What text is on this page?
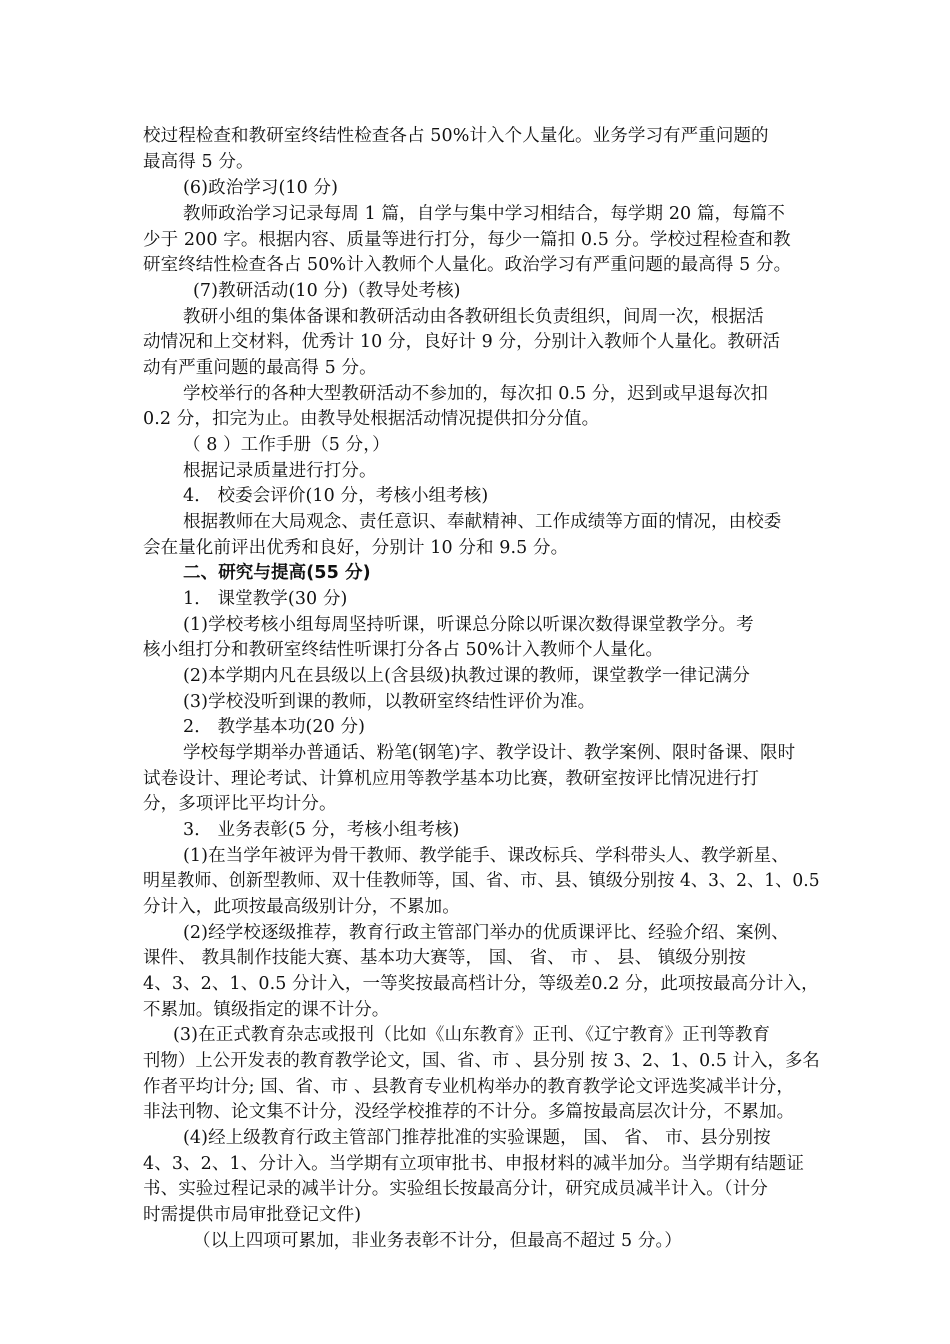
校过程检查和教研室终结性检查各占 50%计入个人量化。业务学习有严重问题的
最高得 5 分。
(6)政治学习(10 分)
教师政治学习记录每周 1 篇，自学与集中学习相结合，每学期 20 篇，每篇不
少于 200 字。根据内容、质量等进行打分，每少一篇扣 0.5 分。学校过程检查和教
研室终结性检查各占 50%计入教师个人量化。政治学习有严重问题的最高得 5 分。
(7)教研活动(10 分)（教导处考核)
教研小组的集体备课和教研活动由各教研组长负责组织，间周一次，根据活
动情况和上交材料，优秀计 10 分，良好计 9 分，分别计入教师个人量化。教研活
动有严重问题的最高得 5 分。
学校举行的各种大型教研活动不参加的，每次扣 0.5 分，迟到或早退每次扣
0.2 分，扣完为止。由教导处根据活动情况提供扣分分值。
（ 8 ）工作手册（5 分，）
根据记录质量进行打分。
4． 校委会评价(10 分，考核小组考核)
根据教师在大局观念、责任意识、奉献精神、工作成绩等方面的情况，由校委
会在量化前评出优秀和良好，分别计 10 分和 9.5 分。
二、研究与提高(55 分)
1． 课堂教学(30 分)
(1)学校考核小组每周坚持听课，听课总分除以听课次数得课堂教学分。考
核小组打分和教研室终结性听课打分各占 50%计入教师个人量化。
(2)本学期内凡在县级以上(含县级)执教过课的教师，课堂教学一律记满分
(3)学校没听到课的教师，以教研室终结性评价为准。
2． 教学基本功(20 分)
学校每学期举办普通话、粉笔(钢笔)字、教学设计、教学案例、限时备课、限时
试卷设计、理论考试、计算机应用等教学基本功比赛，教研室按评比情况进行打
分，多项评比平均计分。
3． 业务表彰(5 分，考核小组考核)
(1)在当学年被评为骨干教师、教学能手、课改标兵、学科带头人、教学新星、
明星教师、创新型教师、双十佳教师等，国、省、市、县、镇级分别按 4、3、2、1、0.5
分计入，此项按最高级别计分，不累加。
(2)经学校逐级推荐，教育行政主管部门举办的优质课评比、经验介绍、案例、
课件、 教具制作技能大赛、基本功大赛等， 国、 省、 市 、 县、 镇级分别按
4、3、2、1、0.5 分计入，一等奖按最高档计分，等级差0.2 分，此项按最高分计入，
不累加。镇级指定的课不计分。
(3)在正式教育杂志或报刊（比如《山东教育》正刊、《辽宁教育》正刊等教育
刊物）上公开发表的教育教学论文，国、省、市 、县分别 按 3、2、1、0.5 计入，多名
作者平均计分; 国、省、市 、县教育专业机构举办的教育教学论文评选奖减半计分，
非法刊物、论文集不计分，没经学校推荐的不计分。多篇按最高层次计分，不累加。
(4)经上级教育行政主管部门推荐批准的实验课题， 国、 省、 市、县分别按
4、3、2、1、分计入。当学期有立项审批书、申报材料的减半加分。当学期有结题证
书、实验过程记录的减半计分。实验组长按最高分计，研究成员减半计入。（计分
时需提供市局审批登记文件)
（以上四项可累加，非业务表彰不计分，但最高不超过 5 分。）
